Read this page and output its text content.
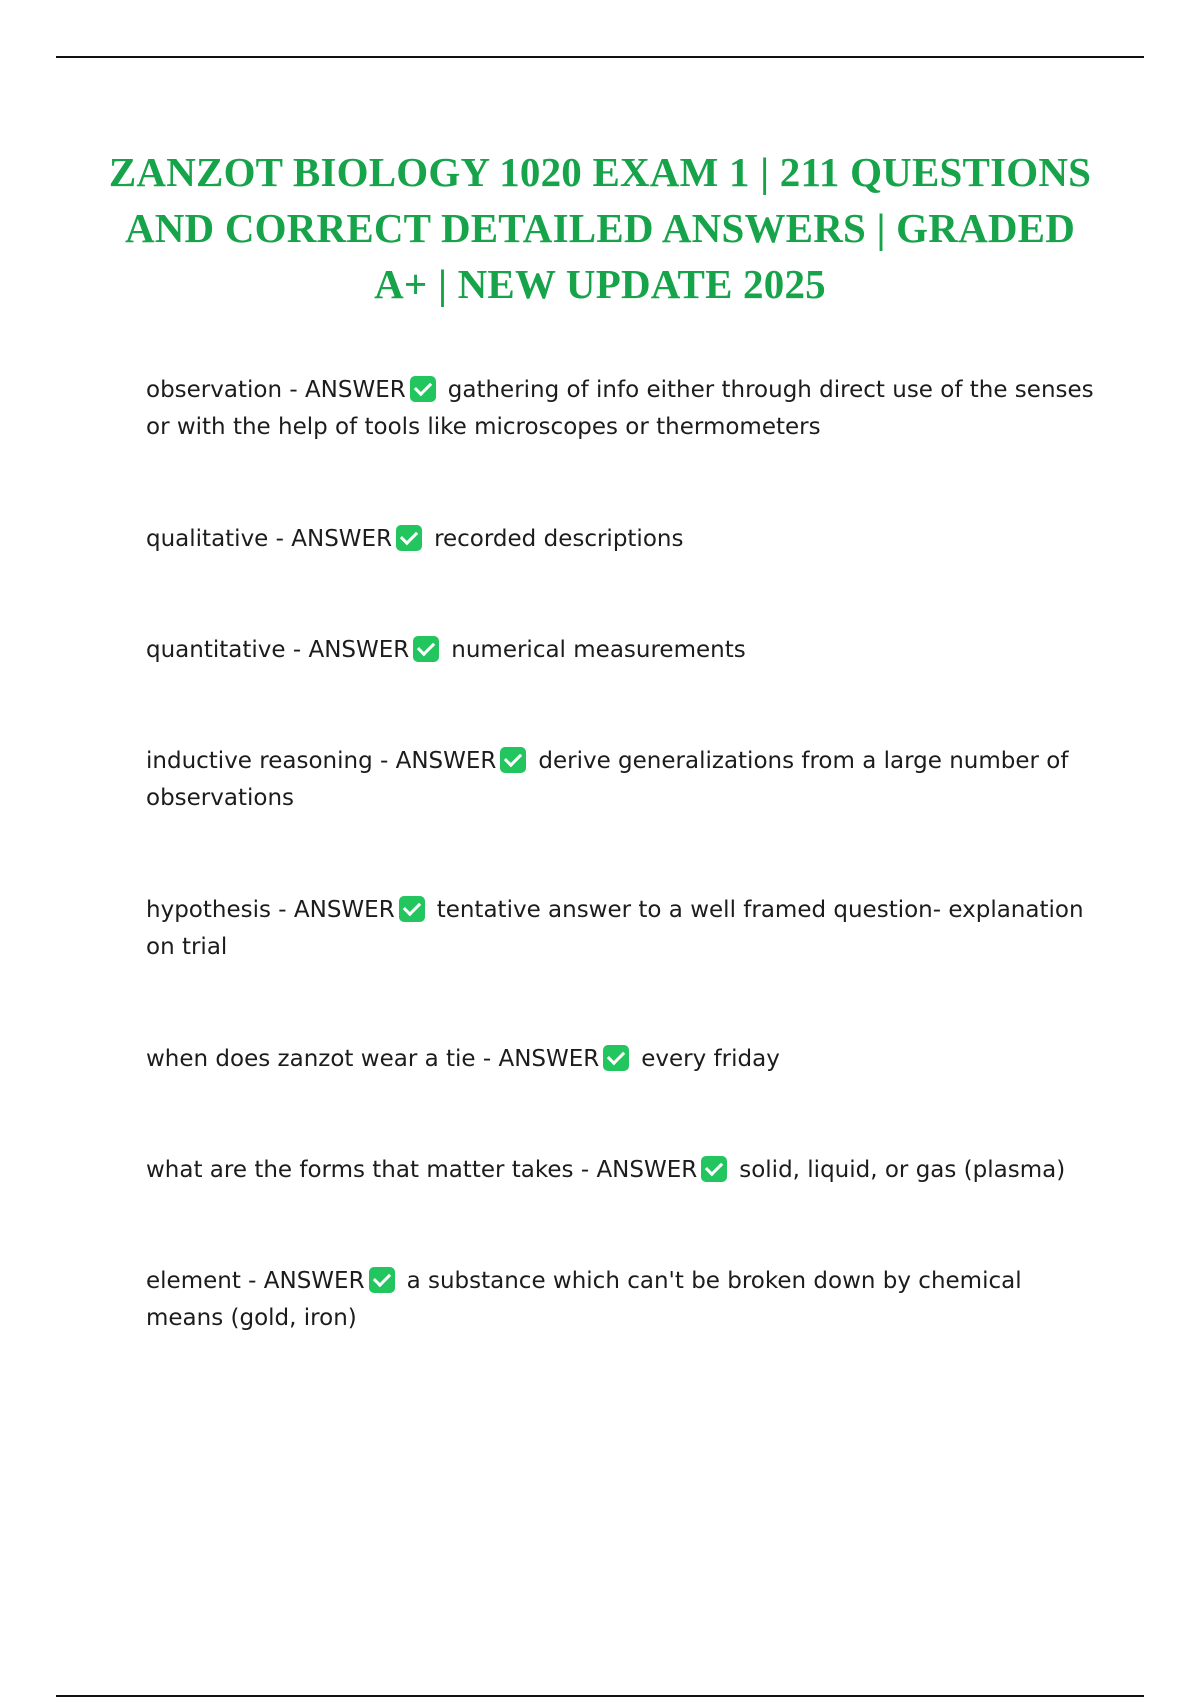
ZANZOT BIOLOGY 1020 EXAM 1 | 211 QUESTIONS AND CORRECT DETAILED ANSWERS | GRADED A+ | NEW UPDATE 2025
observation - ANSWER gathering of info either through direct use of the senses or with the help of tools like microscopes or thermometers
qualitative - ANSWER recorded descriptions
quantitative - ANSWER numerical measurements
inductive reasoning - ANSWER derive generalizations from a large number of observations
hypothesis - ANSWER tentative answer to a well framed question- explanation on trial
when does zanzot wear a tie - ANSWER every friday
what are the forms that matter takes - ANSWER solid, liquid, or gas (plasma)
element - ANSWER a substance which can't be broken down by chemical means (gold, iron)
